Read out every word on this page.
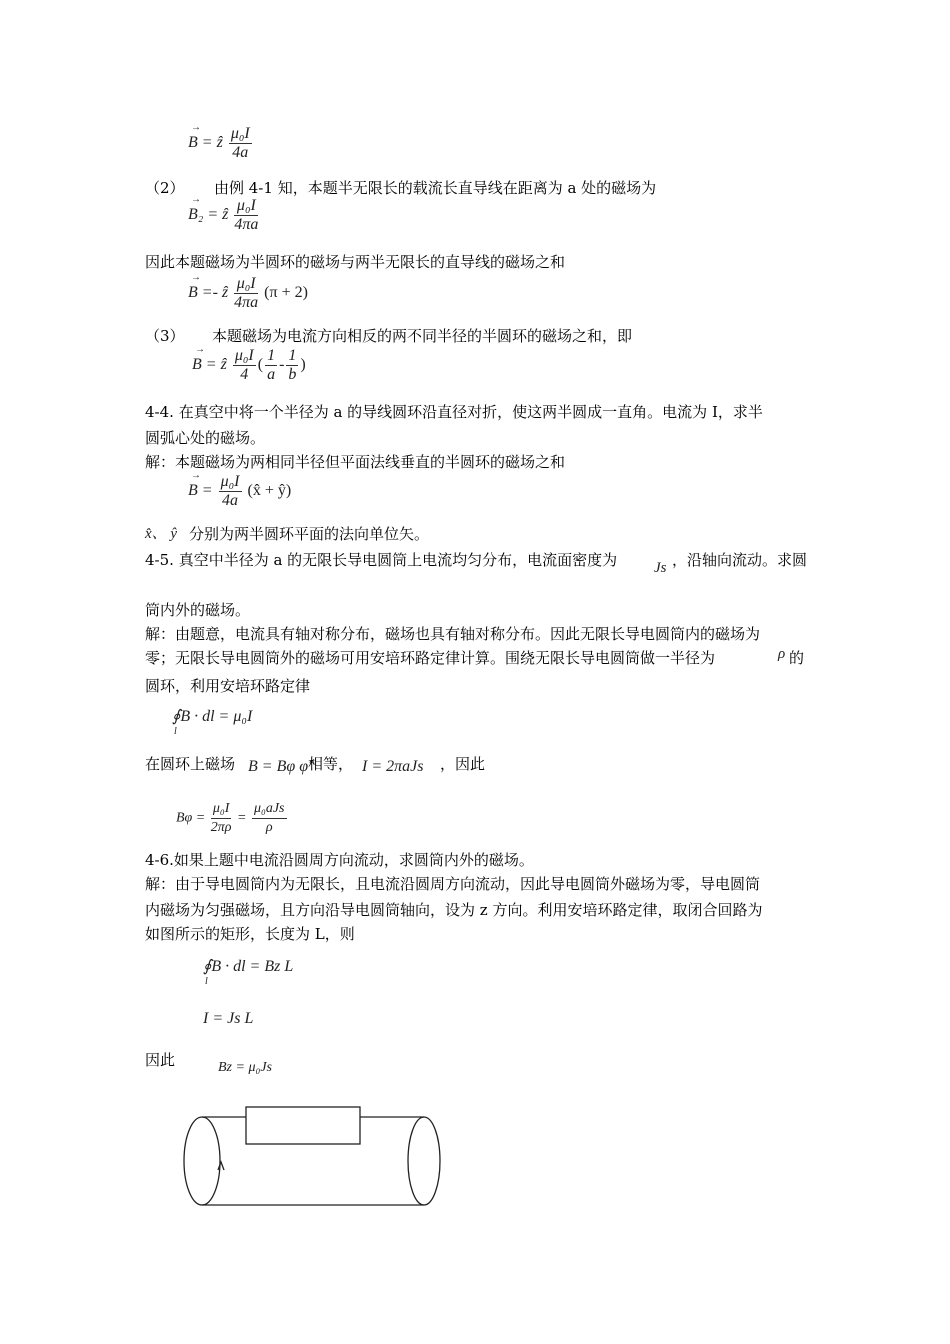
→
B = ẑ $\frac{\text{μ₀I}}{4a}$
（2） 由例 4-1 知，本题半无限长的载流长直导线在距离为 a 处的磁场为
→
B₂ = ẑ $\frac{\text{μ₀I}}{4\pi a}$
因此本题磁场为半圆环的磁场与两半无限长的直导线的磁场之和
→
B =- ẑ $\frac{\text{μ₀I}}{4\pi a} (\pi + 2)$
（3） 本题磁场为电流方向相反的两不同半径的半圆环的磁场之和，即
→
B = ẑ $\frac{\text{μ₀I}}{4}$ ( $\frac{1}{a} - \frac{1}{b}$ )
4-4. 在真空中将一个半径为 a 的导线圆环沿直径对折，使这两半圆成一直角。电流为 I，求半
圆弧心处的磁场。
解：本题磁场为两相同半径但平面法线垂直的半圆环的磁场之和
→
$B = \frac{\text{μ₀I}}{4a}$ (x̂ + ŷ)
x̂、 ŷ 分别为两半圆环平面的法向单位矢。
4-5. 真空中半径为 a 的无限长导电圆筒上电流均匀分布，电流面密度为 Js ，沿轴向流动。求圆
筒内外的磁场。
解：由题意，电流具有轴对称分布，磁场也具有轴对称分布。因此无限长导电圆筒内的磁场为
零；无限长导电圆筒外的磁场可用安培环路定律计算。围绕无限长导电圆筒做一半径为	ρ 的
圆环，利用安培环路定律
∮B · dl = μ₀I
l
在圆环上磁场 B = Bφ φ̂ 相等， I = 2πaJs ，因此
$B\varphi = \frac{\text{μ₀I}}{2\pi\rho} = \frac{\text{μ₀aJs}}{\rho}$
4-6.如果上题中电流沿圆周方向流动，求圆筒内外的磁场。
解：由于导电圆筒内为无限长，且电流沿圆周方向流动，因此导电圆筒外磁场为零，导电圆筒
内磁场为匀强磁场，且方向沿导电圆筒轴向，设为 z 方向。利用安培环路定律，取闭合回路为
如图所示的矩形，长度为 L，则
∮B · dl = Bz L
l
I = Js L
因此	Bz = μ₀Js
